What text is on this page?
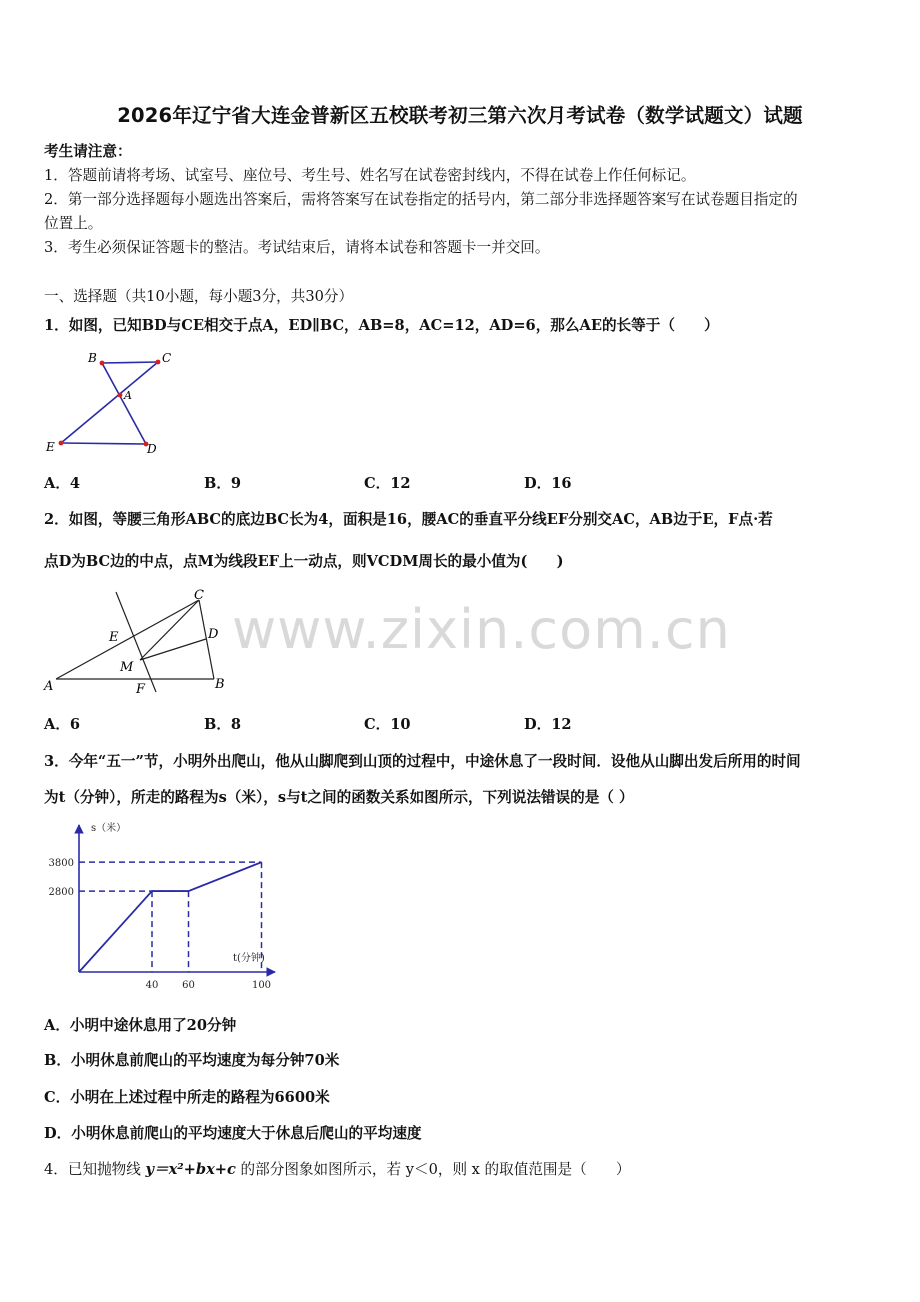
2026年辽宁省大连金普新区五校联考初三第六次月考试卷（数学试题文）试题
考生请注意：
1．答题前请将考场、试室号、座位号、考生号、姓名写在试卷密封线内，不得在试卷上作任何标记。
2．第一部分选择题每小题选出答案后，需将答案写在试卷指定的括号内，第二部分非选择题答案写在试卷题目指定的
位置上。
3．考生必须保证答题卡的整洁。考试结束后，请将本试卷和答题卡一并交回。
一、选择题（共10小题，每小题3分，共30分）
1．如图，已知BD与CE相交于点A，ED∥BC，AB=8，AC=12，AD=6，那么AE的长等于（　　）
B	C
A
E	D
A．4	B．9	C．12	D．16
2．如图，等腰三角形ABC的底边BC长为4，面积是16，腰AC的垂直平分线EF分别交AC，AB边于E，F点·若
点D为BC边的中点，点M为线段EF上一动点，则VCDM周长的最小值为(　　)
www.zixin.com.cn
C
E	D
M
A	F	B
A．6	B．8	C．10	D．12
3．今年“五一”节，小明外出爬山，他从山脚爬到山顶的过程中，中途休息了一段时间．设他从山脚出发后所用的时间
为t（分钟），所走的路程为s（米），s与t之间的函数关系如图所示，下列说法错误的是（ ）
40 60	100
3800
2800
s（米）
t(分钟)
A．小明中途休息用了20分钟
B．小明休息前爬山的平均速度为每分钟70米
C．小明在上述过程中所走的路程为6600米
D．小明休息前爬山的平均速度大于休息后爬山的平均速度
4．已知抛物线 y＝x²+bx+c 的部分图象如图所示，若 y＜0，则 x 的取值范围是（　　）
